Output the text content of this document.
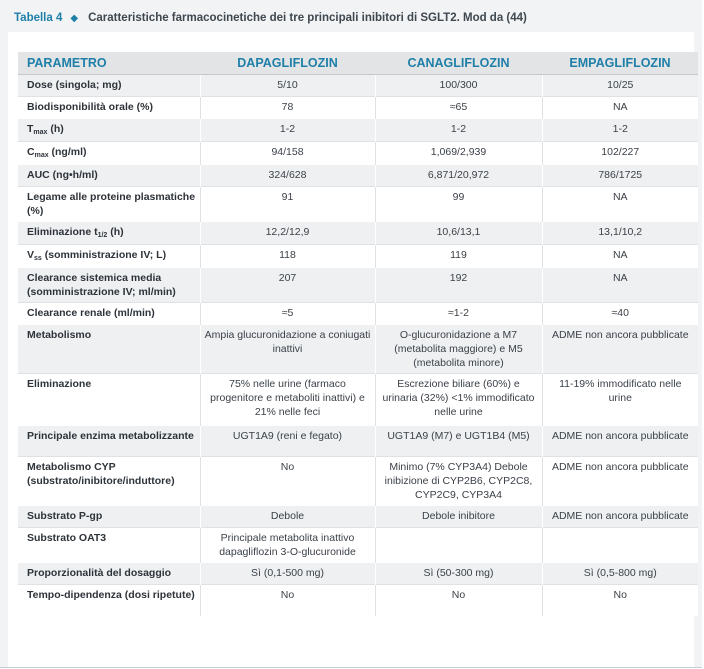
Tabella 4 ◆ Caratteristiche farmacocinetiche dei tre principali inibitori di SGLT2. Mod da (44)
PARAMETRO	DAPAGLIFLOZIN	CANAGLIFLOZIN	EMPAGLIFLOZIN
Dose (singola; mg)	5/10	100/300	10/25
Biodisponibilità orale (%)	78	≈65	NA
Tmax (h)	1-2	1-2	1-2
Cmax (ng/ml)	94/158	1,069/2,939	102/227
AUC (ng•h/ml)	324/628	6,871/20,972	786/1725
Legame alle proteine plasmatiche (%)	91	99	NA
Eliminazione t1/2 (h)	12,2/12,9	10,6/13,1	13,1/10,2
Vss (somministrazione IV; L)	118	119	NA
Clearance sistemica media (somministrazione IV; ml/min)	207	192	NA
Clearance renale (ml/min)	≈5	≈1-2	≈40
Metabolismo	Ampia glucuronidazione a coniugati inattivi	O-glucuronidazione a M7 (metabolita maggiore) e M5 (metabolita minore)	ADME non ancora pubblicate
Eliminazione	75% nelle urine (farmaco progenitore e metaboliti inattivi) e 21% nelle feci	Escrezione biliare (60%) e urinaria (32%) <1% immodificato nelle urine	11-19% immodificato nelle urine
Principale enzima metabolizzante	UGT1A9 (reni e fegato)	UGT1A9 (M7) e UGT1B4 (M5)	ADME non ancora pubblicate
Metabolismo CYP (substrato/inibitore/induttore)	No	Minimo (7% CYP3A4) Debole inibizione di CYP2B6, CYP2C8, CYP2C9, CYP3A4	ADME non ancora pubblicate
Substrato P-gp	Debole	Debole inibitore	ADME non ancora pubblicate
Substrato OAT3	Principale metabolita inattivo dapagliflozin 3-O-glucuronide		
Proporzionalità del dosaggio	Sì (0,1-500 mg)	Sì (50-300 mg)	Sì (0,5-800 mg)
Tempo-dipendenza (dosi ripetute)	No	No	No
